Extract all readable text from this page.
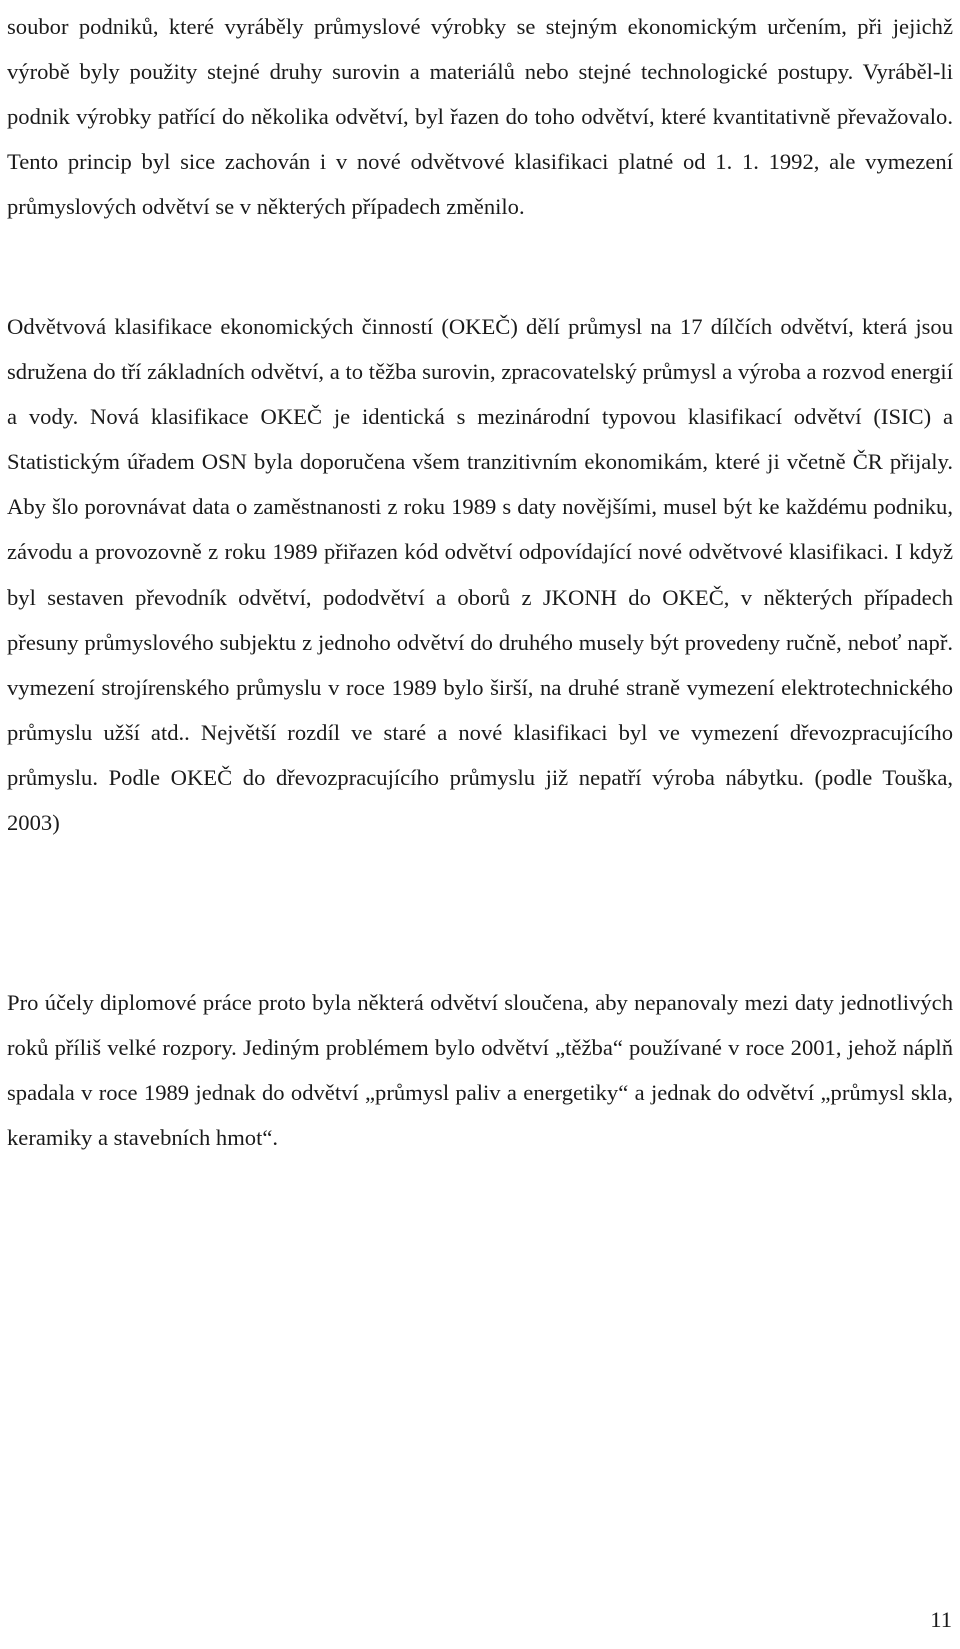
soubor podniků, které vyráběly průmyslové výrobky se stejným ekonomickým určením, při jejichž výrobě byly použity stejné druhy surovin a materiálů nebo stejné technologické postupy. Vyráběl-li podnik výrobky patřící do několika odvětví, byl řazen do toho odvětví, které kvantitativně převažovalo. Tento princip byl sice zachován i v nové odvětvové klasifikaci platné od 1. 1. 1992, ale vymezení průmyslových odvětví se v některých případech změnilo.

Odvětvová klasifikace ekonomických činností (OKEČ) dělí průmysl na 17 dílčích odvětví, která jsou sdružena do tří základních odvětví, a to těžba surovin, zpracovatelský průmysl a výroba a rozvod energií a vody. Nová klasifikace OKEČ je identická s mezinárodní typovou klasifikací odvětví (ISIC) a Statistickým úřadem OSN byla doporučena všem tranzitivním ekonomikám, které ji včetně ČR přijaly. Aby šlo porovnávat data o zaměstnanosti z roku 1989 s daty novějšími, musel být ke každému podniku, závodu a provozovně z roku 1989 přiřazen kód odvětví odpovídající nové odvětvové klasifikaci. I když byl sestaven převodník odvětví, pododvětví a oborů z JKONH do OKEČ, v některých případech přesuny průmyslového subjektu z jednoho odvětví do druhého musely být provedeny ručně, neboť např. vymezení strojírenského průmyslu v roce 1989 bylo širší, na druhé straně vymezení elektrotechnického průmyslu užší atd.. Největší rozdíl ve staré a nové klasifikaci byl ve vymezení dřevozpracujícího průmyslu. Podle OKEČ do dřevozpracujícího průmyslu již nepatří výroba nábytku. (podle Touška, 2003)

Pro účely diplomové práce proto byla některá odvětví sloučena, aby nepanovaly mezi daty jednotlivých roků příliš velké rozpory. Jediným problémem bylo odvětví „těžba“ používané v roce 2001, jehož náplň spadala v roce 1989 jednak do odvětví „průmysl paliv a energetiky“ a jednak do odvětví „průmysl skla, keramiky a stavebních hmot“.

11
